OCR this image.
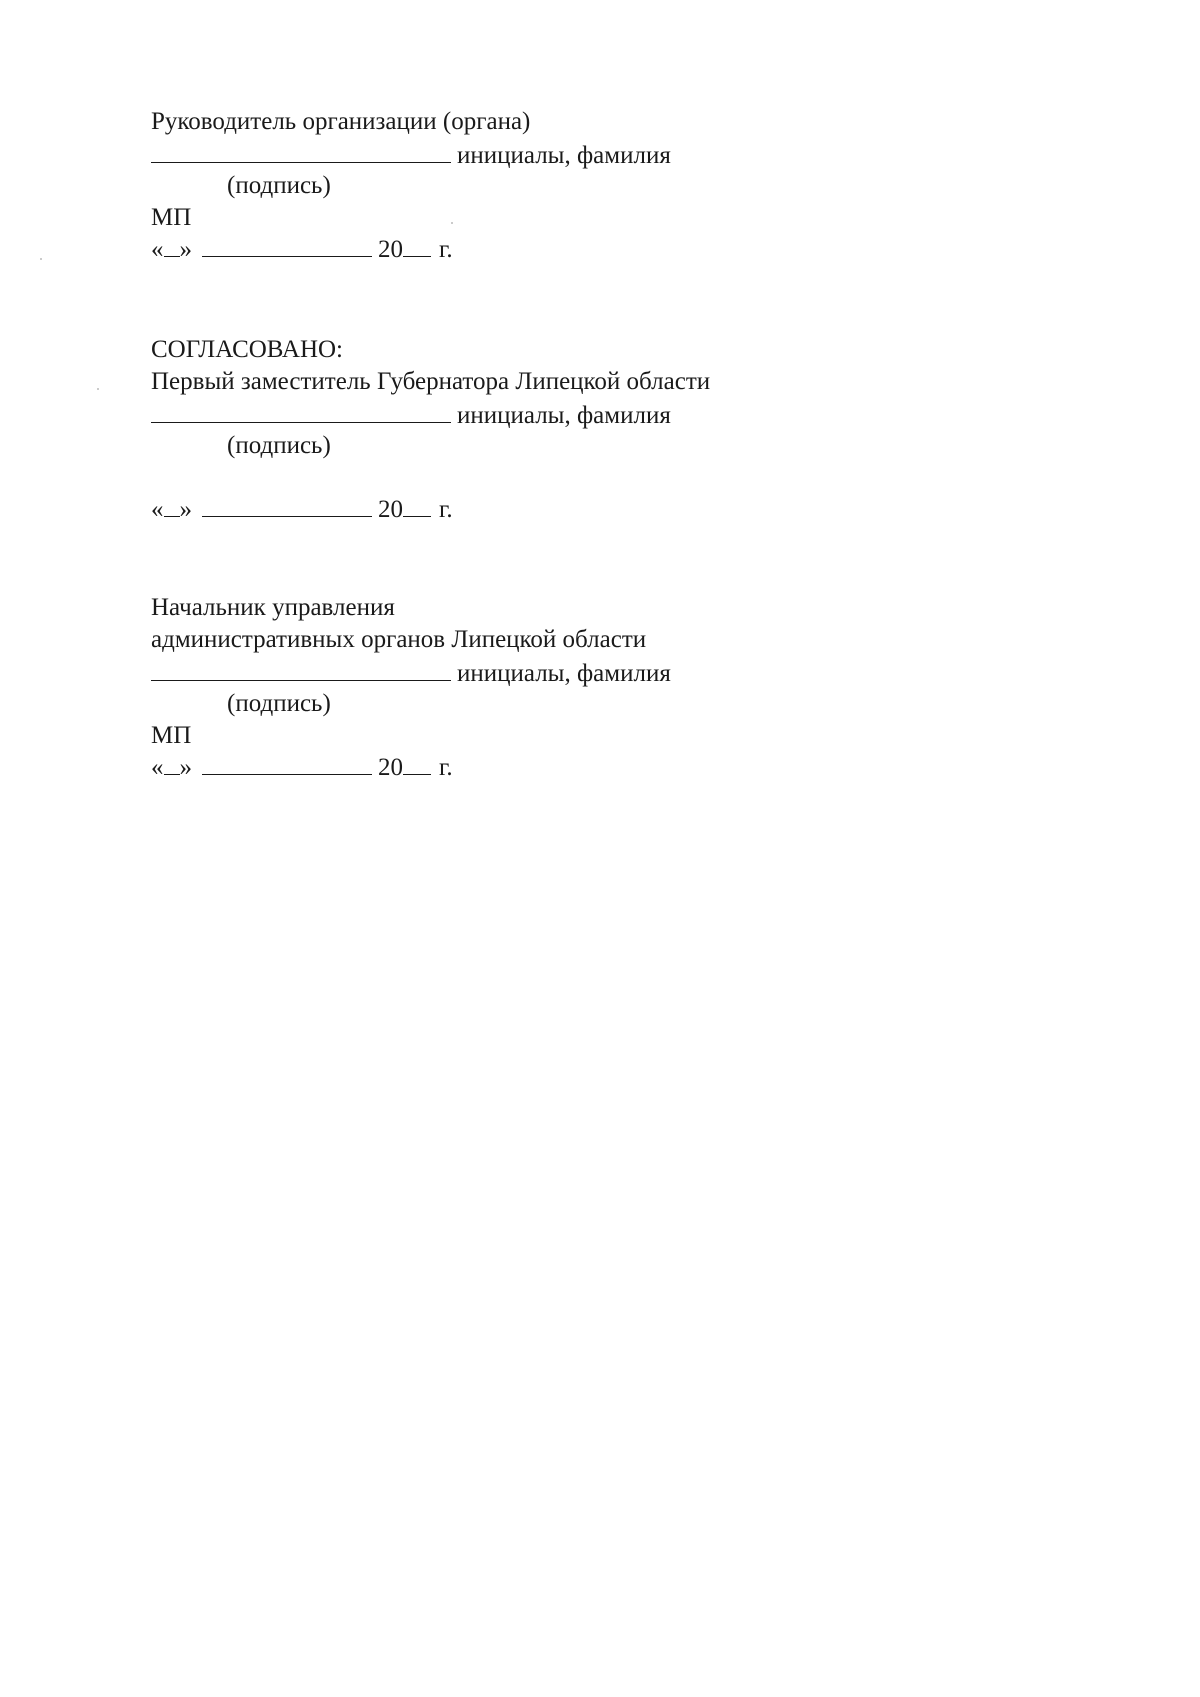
Руководитель организации (органа)
инициалы, фамилия
(подпись)
МП
« »	20 г.
СОГЛАСОВАНО:
Первый заместитель Губернатора Липецкой области
инициалы, фамилия
(подпись)
« »	20 г.
Начальник управления
административных органов Липецкой области
инициалы, фамилия
(подпись)
МП
« »	20 г.
